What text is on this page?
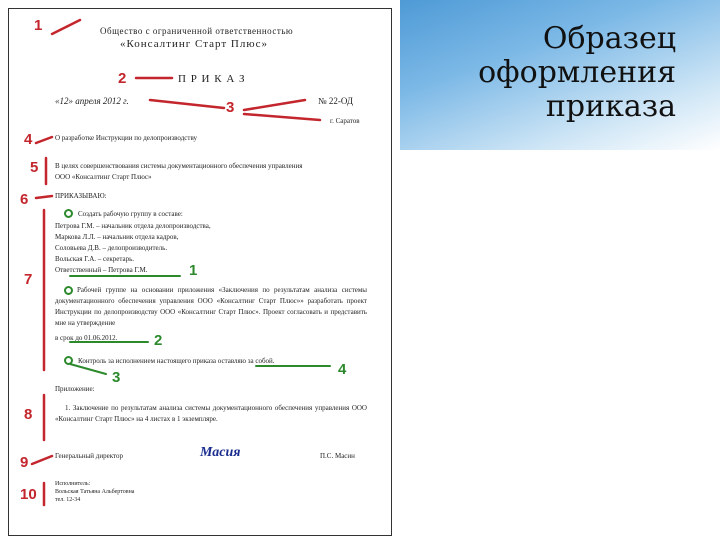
Образец
оформления
приказа
Общество с ограниченной ответственностью
«Консалтинг Старт Плюс»
П Р И К А З
«12» апреля 2012 г.	№ 22-ОД
г. Саратов
О разработке Инструкции по делопроизводству
В целях совершенствования системы документационного обеспечения управления
ООО «Консалтинг Старт Плюс»
ПРИКАЗЫВАЮ:
Создать рабочую группу в составе:
Петрова Г.М. – начальник отдела делопроизводства,
Маркова Л.Л. – начальник отдела кадров,
Соловьева Д.В. – делопроизводитель.
Вольская Г.А. – секретарь.
Ответственный – Петрова Г.М.
Рабочей группе на основании приложения «Заключения по результатам анализа системы документационного обеспечения управления ООО «Консалтинг Старт Плюс»» разработать проект Инструкции по делопроизводству ООО «Консалтинг Старт Плюс». Проект согласовать и представить мне на утверждение
в срок до 01.06.2012.
Контроль за исполнением настоящего приказа оставляю за собой.
Приложение:
1. Заключение по результатам анализа системы документационного обеспечения управления ООО «Консалтинг Старт Плюс» на 4 листах в 1 экземпляре.
Генеральный директор	Масия	П.С. Масин
Исполнитель:
Вольская Татьяна Альбертовна
тел. 12-34
1
2
3
4
5
6
7
8
9
10
1
2
3	4
